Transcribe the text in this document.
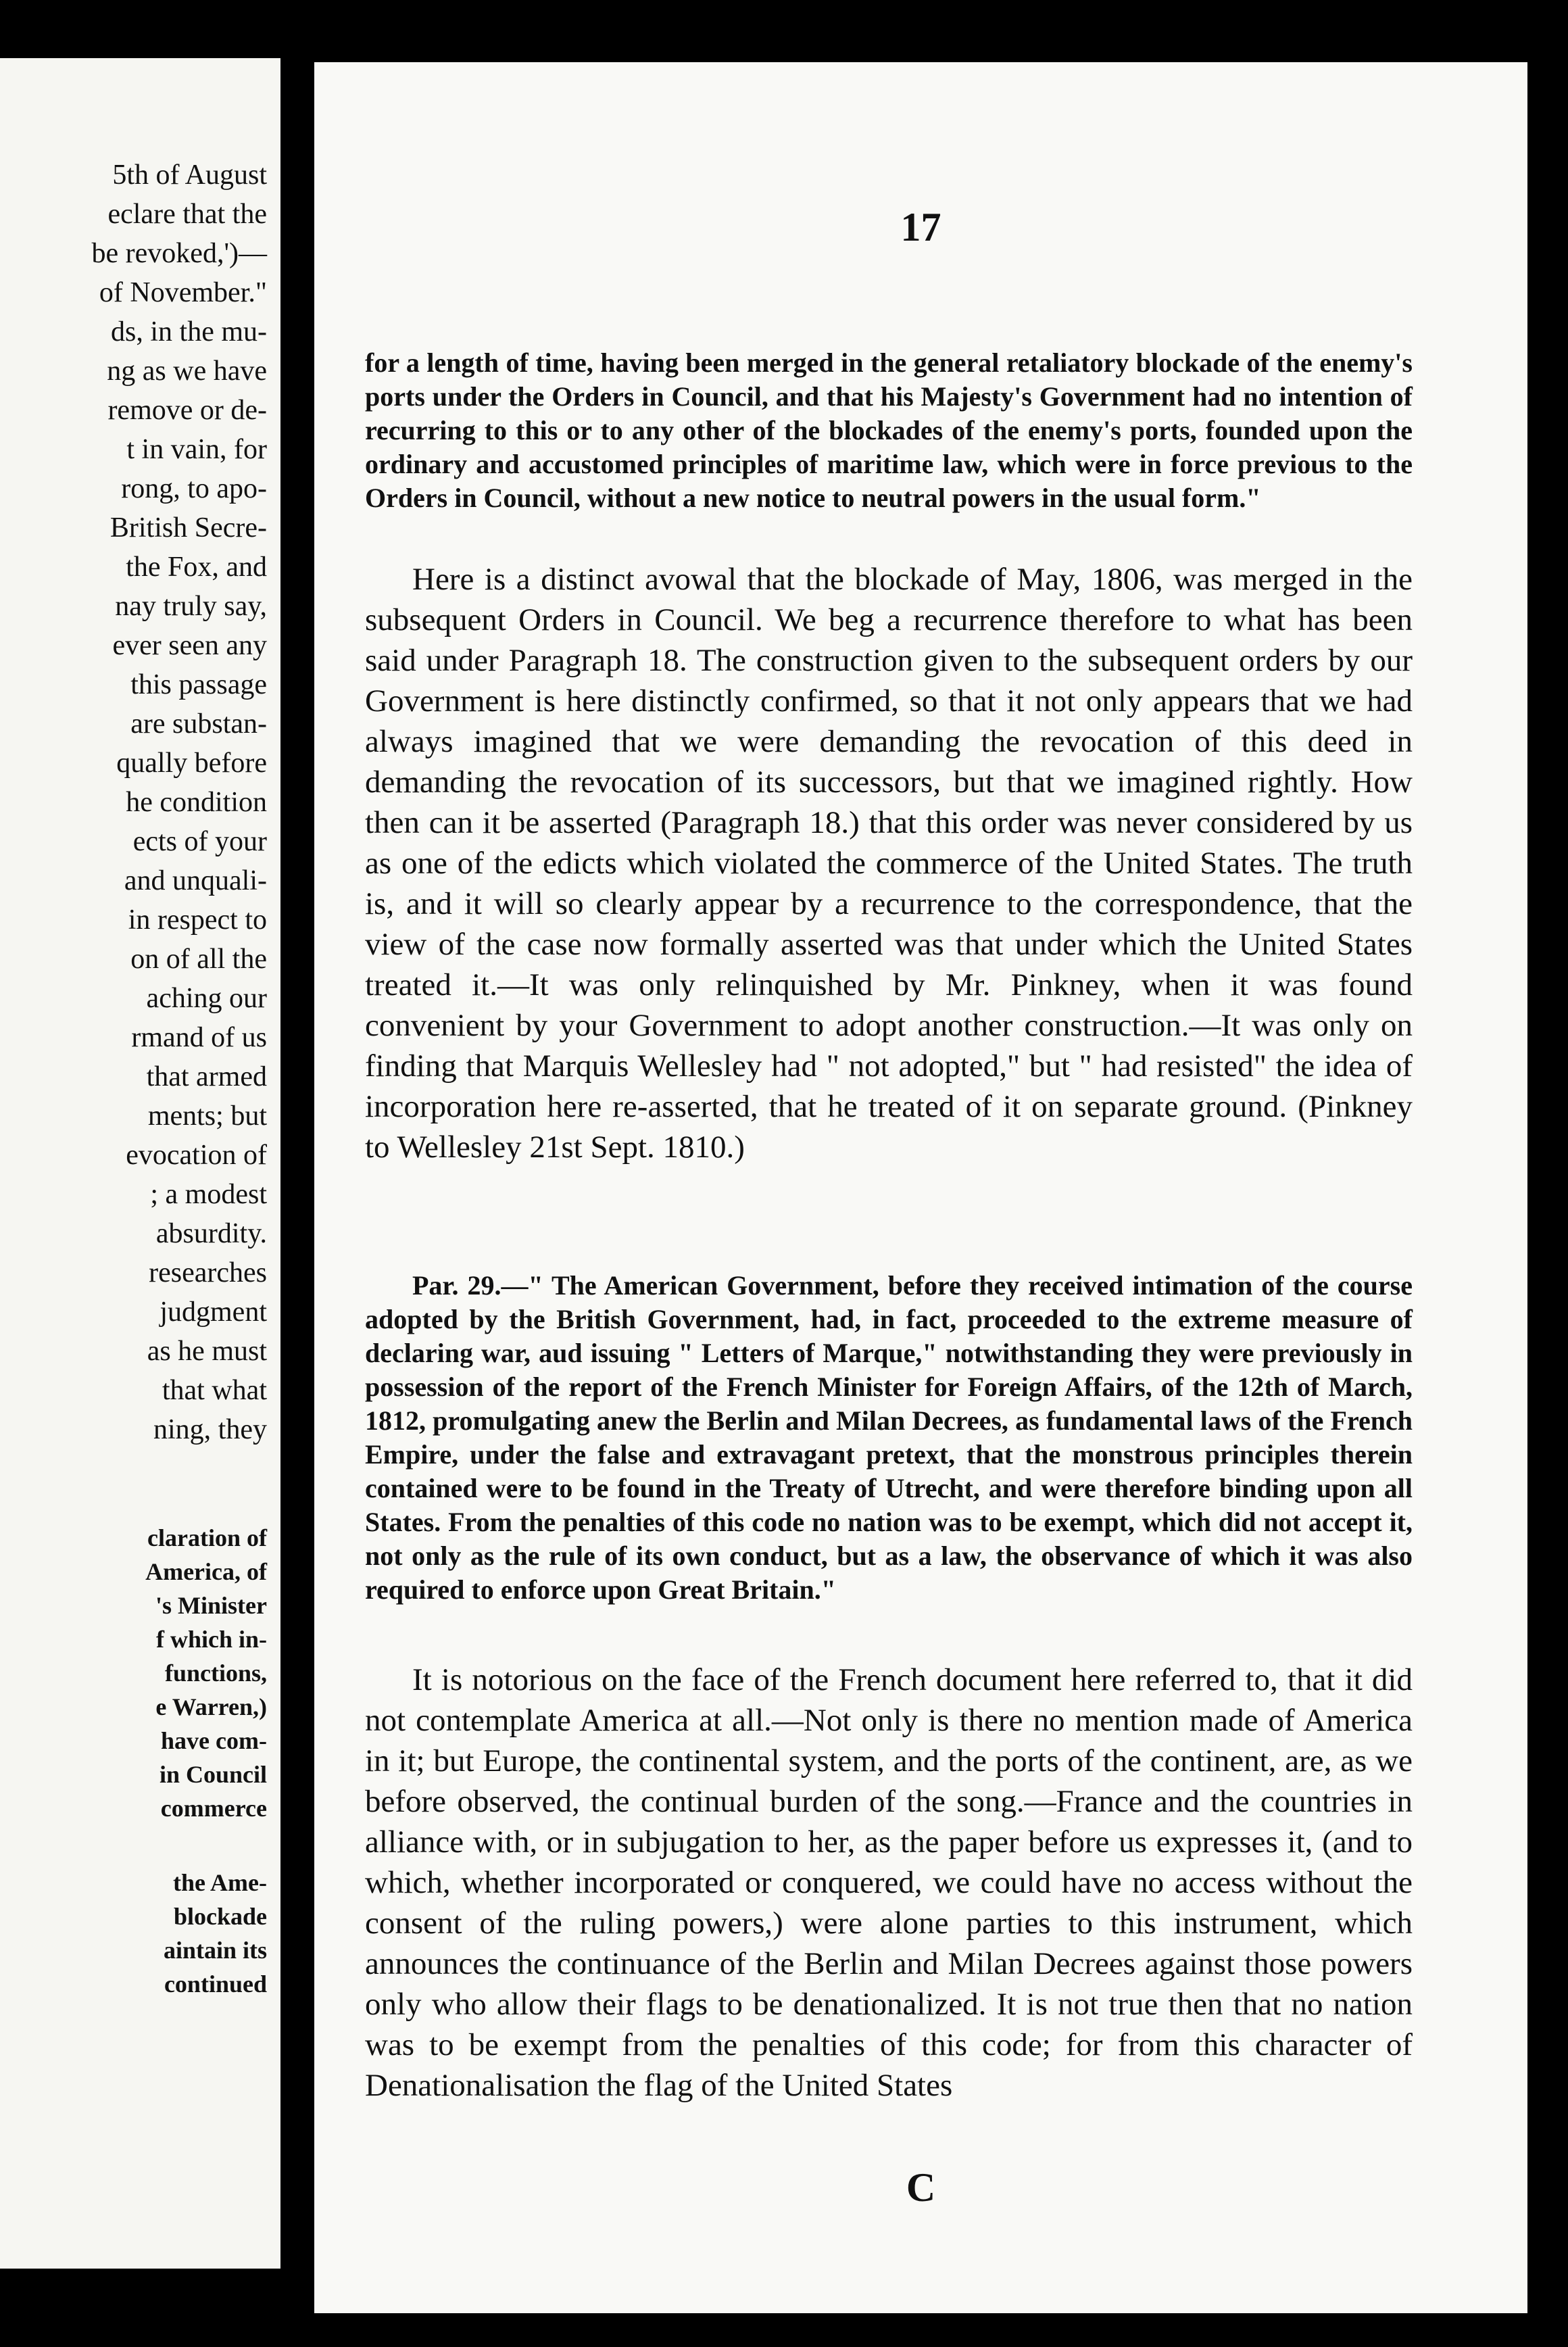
5th of August

eclare that the

be revoked,')—

of November."

ds, in the mu-

ng as we have

remove or de-

t in vain, for

rong, to apo-

British Secre-

the Fox, and

nay truly say,

ever seen any

this passage

are substan-

qually before

he condition

ects of your

and unquali-

in respect to

on of all the

aching our

rmand of us

that armed

ments; but

evocation of

; a modest

absurdity.

researches

judgment

as he must

that what

ning, they

claration of

America, of

's Minister

f which in-

functions,

e Warren,)

have com-

in Council

commerce

the Ame-

blockade

aintain its

continued

17

for a length of time, having been merged in the general retaliatory blockade of the enemy's ports under the Orders in Council, and that his Majesty's Government had no intention of recurring to this or to any other of the blockades of the enemy's ports, founded upon the ordinary and accustomed principles of maritime law, which were in force previous to the Orders in Council, without a new notice to neutral powers in the usual form."

Here is a distinct avowal that the blockade of May, 1806, was merged in the subsequent Orders in Council. We beg a recurrence therefore to what has been said under Paragraph 18. The construction given to the subsequent orders by our Government is here distinctly confirmed, so that it not only appears that we had always imagined that we were demanding the revocation of this deed in demanding the revocation of its successors, but that we imagined rightly. How then can it be asserted (Paragraph 18.) that this order was never considered by us as one of the edicts which violated the commerce of the United States. The truth is, and it will so clearly appear by a recurrence to the correspondence, that the view of the case now formally asserted was that under which the United States treated it.—It was only relinquished by Mr. Pinkney, when it was found convenient by your Government to adopt another construction.—It was only on finding that Marquis Wellesley had " not adopted," but " had resisted" the idea of incorporation here re-asserted, that he treated of it on separate ground. (Pinkney to Wellesley 21st Sept. 1810.)

Par. 29.—" The American Government, before they received intimation of the course adopted by the British Government, had, in fact, proceeded to the extreme measure of declaring war, aud issuing " Letters of Marque," notwithstanding they were previously in possession of the report of the French Minister for Foreign Affairs, of the 12th of March, 1812, promulgating anew the Berlin and Milan Decrees, as fundamental laws of the French Empire, under the false and extravagant pretext, that the monstrous principles therein contained were to be found in the Treaty of Utrecht, and were therefore binding upon all States. From the penalties of this code no nation was to be exempt, which did not accept it, not only as the rule of its own conduct, but as a law, the observance of which it was also required to enforce upon Great Britain."

It is notorious on the face of the French document here referred to, that it did not contemplate America at all.—Not only is there no mention made of America in it; but Europe, the continental system, and the ports of the continent, are, as we before observed, the continual burden of the song.—France and the countries in alliance with, or in subjugation to her, as the paper before us expresses it, (and to which, whether incorporated or conquered, we could have no access without the consent of the ruling powers,) were alone parties to this instrument, which announces the continuance of the Berlin and Milan Decrees against those powers only who allow their flags to be denationalized. It is not true then that no nation was to be exempt from the penalties of this code; for from this character of Denationalisation the flag of the United States

C
